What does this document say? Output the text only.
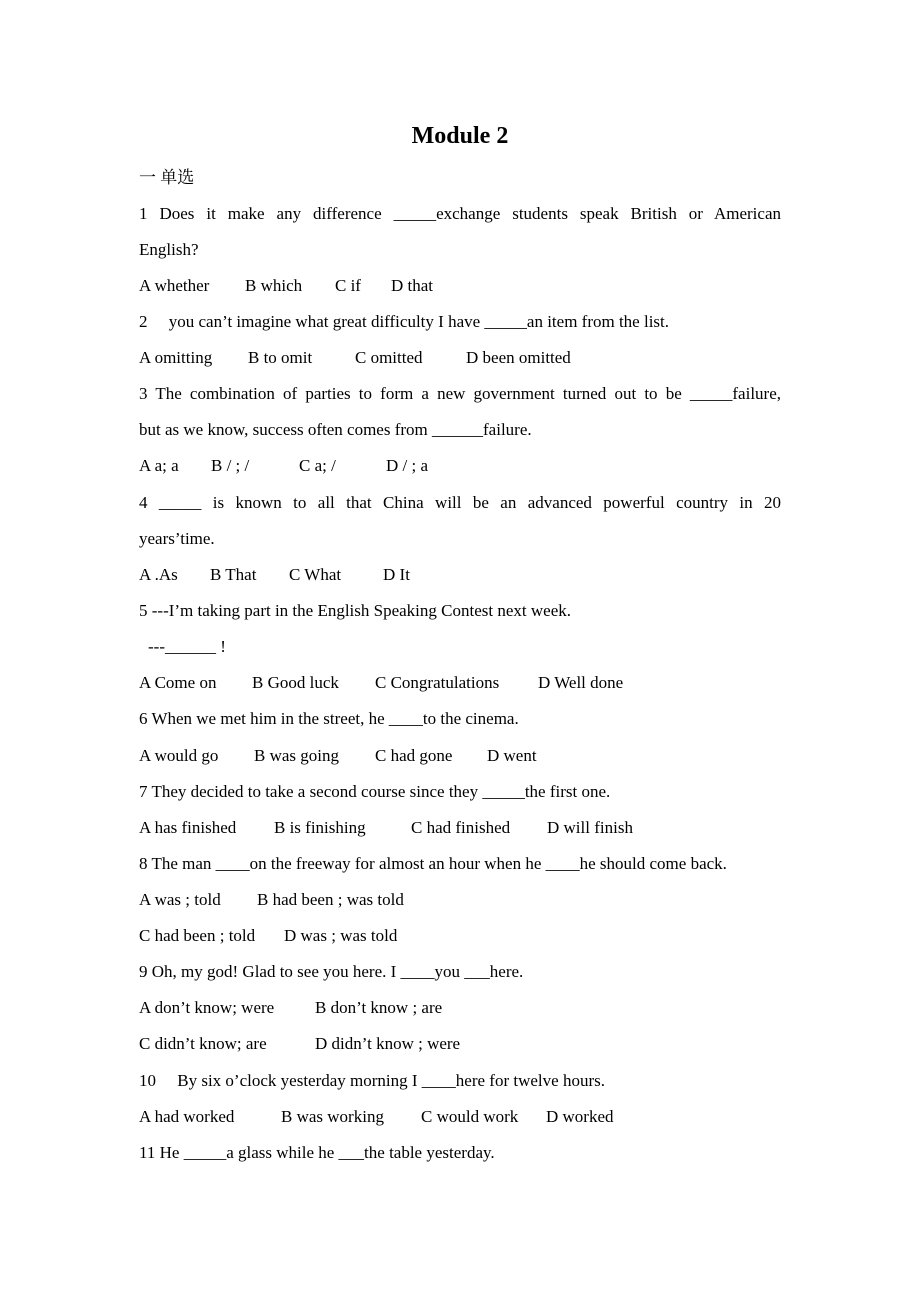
Module 2
一 单选
1 Does it make any difference _____exchange students speak British or American
English?
A whether B which C if D that
2     you can’t imagine what great difficulty I have _____an item from the list.
A omitting B to omit	C omitted	D been omitted
3 The combination of parties to form a new government turned out to be _____failure,
but as we know, success often comes from ______failure.
A a; a B / ; /	C a; /	D / ; a
4 _____ is known to all that China will be an advanced powerful country in 20
years’time.
A .As B That C What D It
5 ---I’m taking part in the English Speaking Contest next week.
---______ !
A Come on B Good luck C Congratulations D Well done
6 When we met him in the street, he ____to the cinema.
A would go B was going C had gone D went
7 They decided to take a second course since they _____the first one.
A has finished B is finishing	C had finished D will finish
8 The man ____on the freeway for almost an hour when he ____he should come back.
A was ; told B had been ; was told
C had been ; told D was ; was told
9 Oh, my god! Glad to see you here. I ____you ___here.
A don’t know; were B don’t know ; are
C didn’t know; are	D didn’t know ; were
10     By six o’clock yesterday morning I ____here for twelve hours.
A had worked	B was working C would work D worked
11 He _____a glass while he ___the table yesterday.
